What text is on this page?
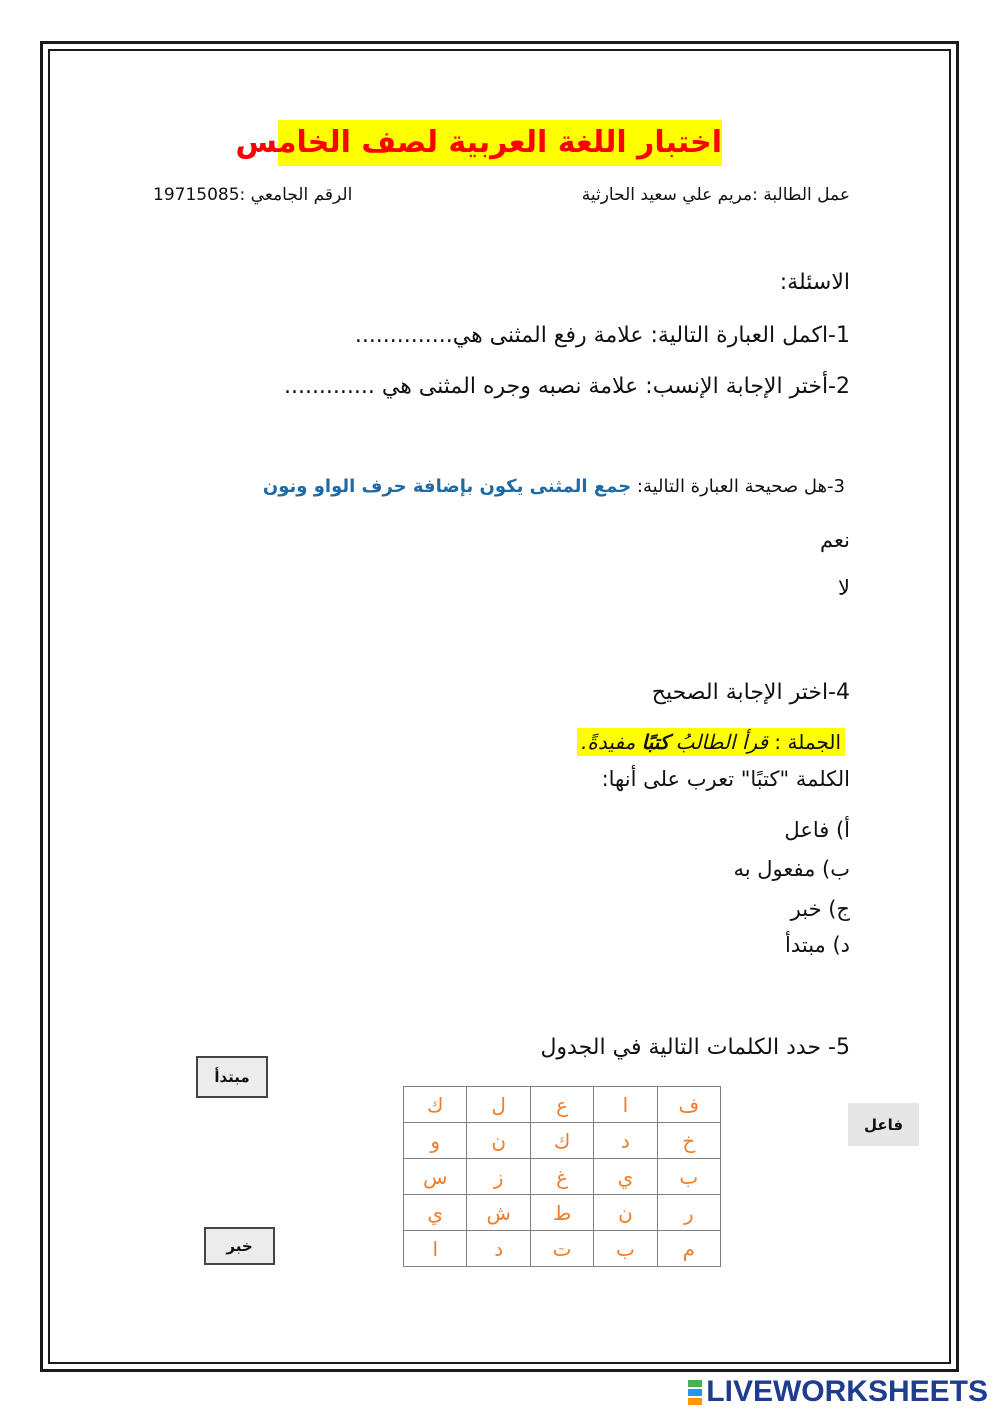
اختبار اللغة العربية لصف الخامس
عمل الطالبة :مريم علي سعيد الحارثية
الرقم الجامعي :19715085
الاسئلة:
1-اكمل العبارة التالية: علامة رفع المثنى هي..............
2-أختر الإجابة الإنسب: علامة نصبه وجره المثنى هي .............
3-هل صحيحة العبارة التالية: جمع المثنى يكون بإضافة حرف الواو ونون
نعم
لا
4-اختر الإجابة الصحيح
الجملة : قرأ الطالبُ كتبًا مفيدةً.
الكلمة "كتبًا" تعرب على أنها:
أ) فاعل
ب) مفعول به
ج) خبر
د) مبتدأ
5- حدد الكلمات التالية في الجدول
مبتدأ
خبر
فاعل
ف	ا	ع	ل	ك
خ	د	ك	ن	و
ب	ي	غ	ز	س
ر	ن	ط	ش	ي
م	ب	ت	د	ا
LIVEWORKSHEETS
